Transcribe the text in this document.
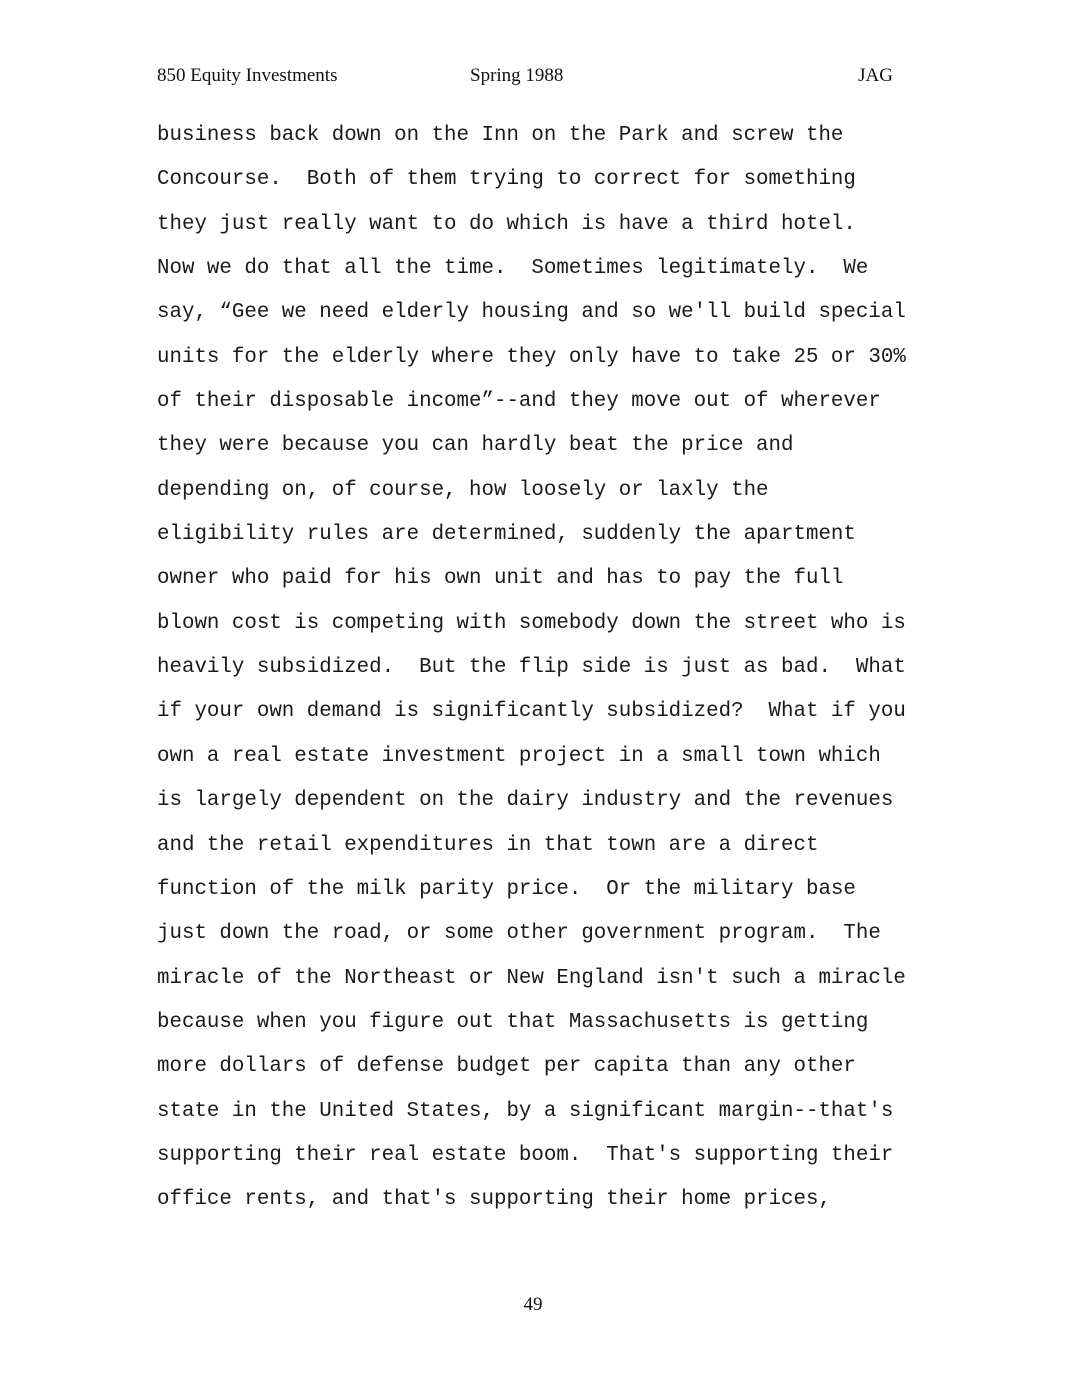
850 Equity Investments	Spring 1988	JAG
business back down on the Inn on the Park and screw the
Concourse.  Both of them trying to correct for something
they just really want to do which is have a third hotel.
Now we do that all the time.  Sometimes legitimately.  We
say, “Gee we need elderly housing and so we'll build special
units for the elderly where they only have to take 25 or 30%
of their disposable income”--and they move out of wherever
they were because you can hardly beat the price and
depending on, of course, how loosely or laxly the
eligibility rules are determined, suddenly the apartment
owner who paid for his own unit and has to pay the full
blown cost is competing with somebody down the street who is
heavily subsidized.  But the flip side is just as bad.  What
if your own demand is significantly subsidized?  What if you
own a real estate investment project in a small town which
is largely dependent on the dairy industry and the revenues
and the retail expenditures in that town are a direct
function of the milk parity price.  Or the military base
just down the road, or some other government program.  The
miracle of the Northeast or New England isn't such a miracle
because when you figure out that Massachusetts is getting
more dollars of defense budget per capita than any other
state in the United States, by a significant margin--that's
supporting their real estate boom.  That's supporting their
office rents, and that's supporting their home prices,
49
